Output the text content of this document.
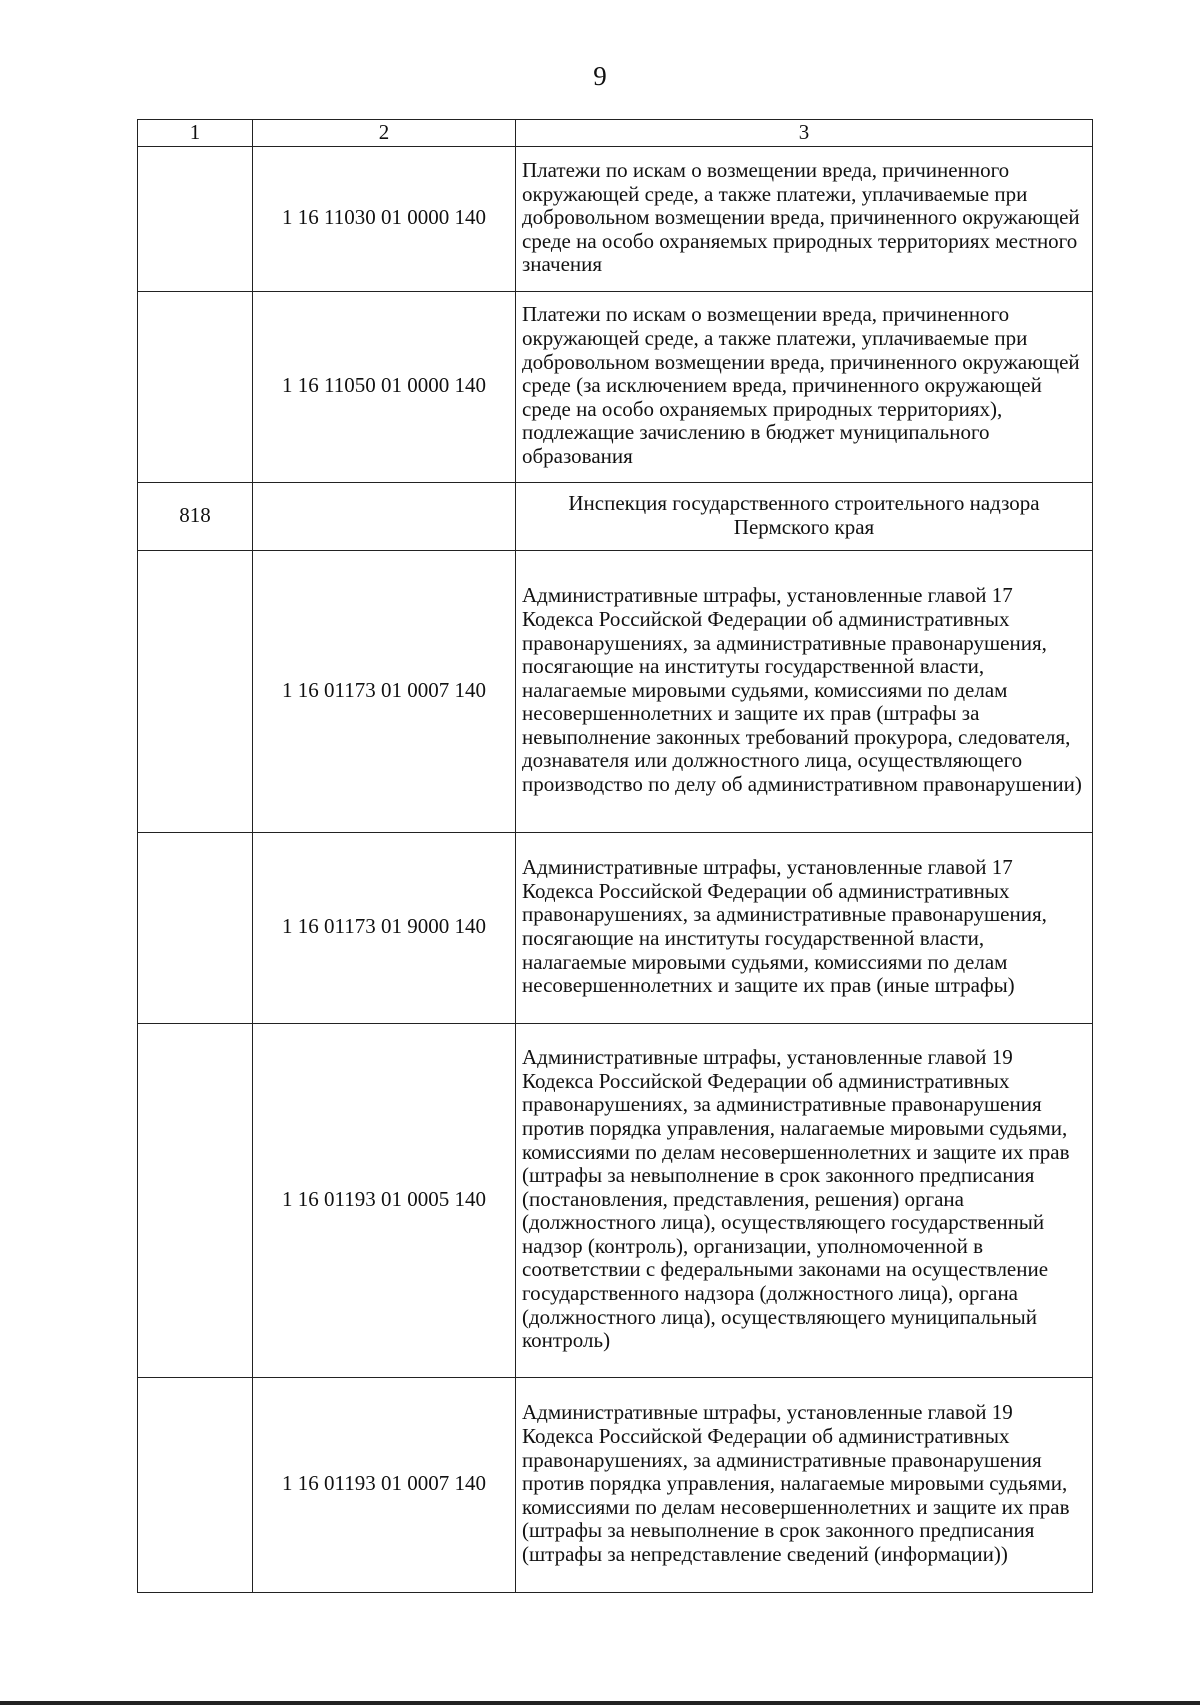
9
1	2	3
	1 16 11030 01 0000 140	Платежи по искам о возмещении вреда, причиненного окружающей среде, а также платежи, уплачиваемые при добровольном возмещении вреда, причиненного окружающей среде на особо охраняемых природных территориях местного значения
	1 16 11050 01 0000 140	Платежи по искам о возмещении вреда, причиненного окружающей среде, а также платежи, уплачиваемые при добровольном возмещении вреда, причиненного окружающей среде (за исключением вреда, причиненного окружающей среде на особо охраняемых природных территориях), подлежащие зачислению в бюджет муниципального образования
818		Инспекция государственного строительного надзора Пермского края
	1 16 01173 01 0007 140	Административные штрафы, установленные главой 17 Кодекса Российской Федерации об административных правонарушениях, за административные правонарушения, посягающие на институты государственной власти, налагаемые мировыми судьями, комиссиями по делам несовершеннолетних и защите их прав (штрафы за невыполнение законных требований прокурора, следователя, дознавателя или должностного лица, осуществляющего производство по делу об административном правонарушении)
	1 16 01173 01 9000 140	Административные штрафы, установленные главой 17 Кодекса Российской Федерации об административных правонарушениях, за административные правонарушения, посягающие на институты государственной власти, налагаемые мировыми судьями, комиссиями по делам несовершеннолетних и защите их прав (иные штрафы)
	1 16 01193 01 0005 140	Административные штрафы, установленные главой 19 Кодекса Российской Федерации об административных правонарушениях, за административные правонарушения против порядка управления, налагаемые мировыми судьями, комиссиями по делам несовершеннолетних и защите их прав (штрафы за невыполнение в срок законного предписания (постановления, представления, решения) органа (должностного лица), осуществляющего государственный надзор (контроль), организации, уполномоченной в соответствии с федеральными законами на осуществление государственного надзора (должностного лица), органа (должностного лица), осуществляющего муниципальный контроль)
	1 16 01193 01 0007 140	Административные штрафы, установленные главой 19 Кодекса Российской Федерации об административных правонарушениях, за административные правонарушения против порядка управления, налагаемые мировыми судьями, комиссиями по делам несовершеннолетних и защите их прав (штрафы за невыполнение в срок законного предписания (штрафы за непредставление сведений (информации))
